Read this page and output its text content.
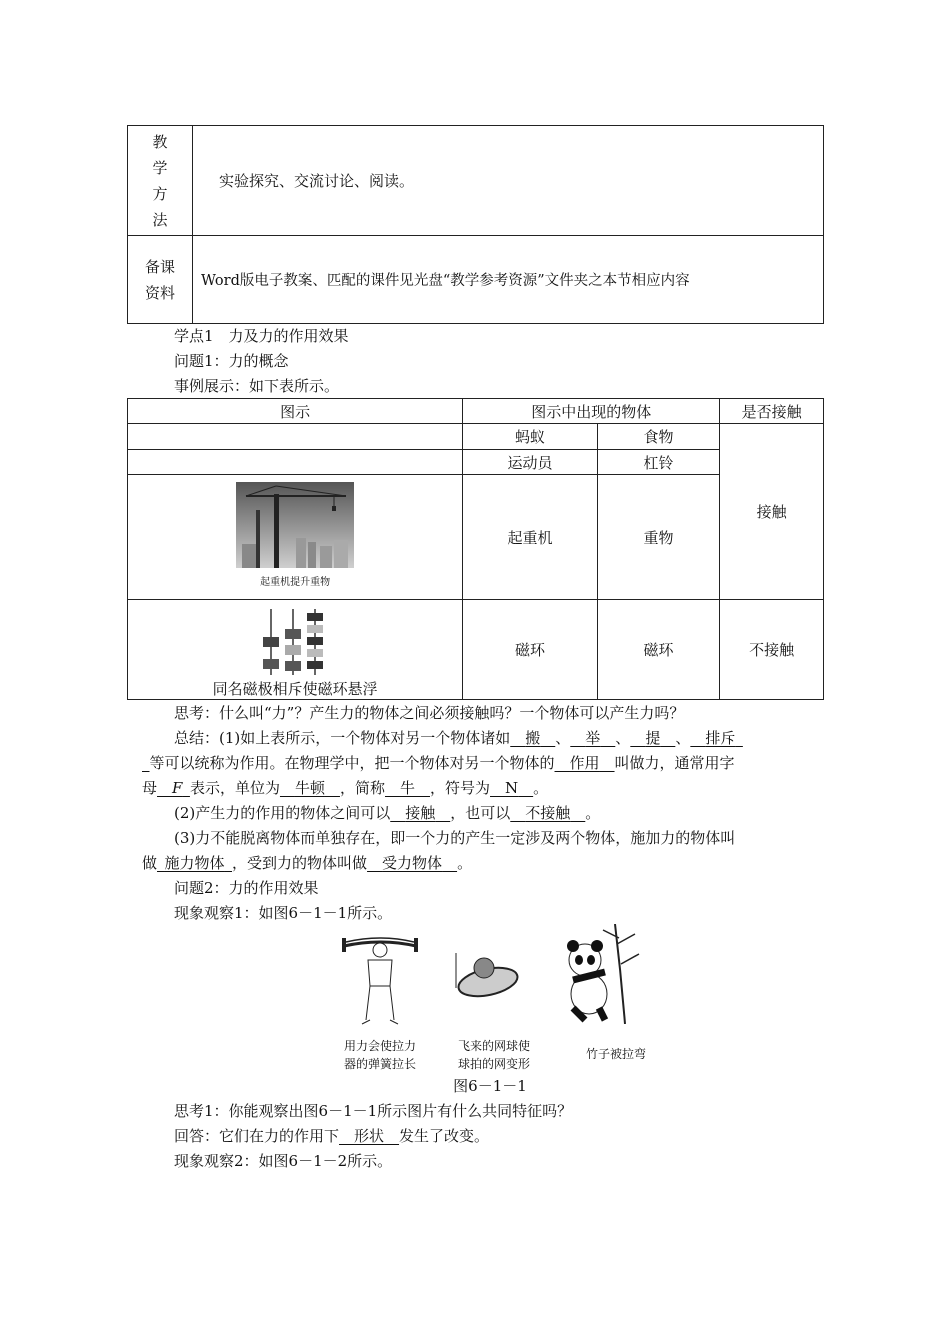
教
学
方
法	实验探究、交流讨论、阅读。

备课
资料	Word版电子教案、匹配的课件见光盘“教学参考资源”文件夹之本节相应内容
学点1　力及力的作用效果
问题1：力的概念
事例展示：如下表所示。
图示	图示中出现的物体		是否接触
	蚂蚁	食物	接触
	运动员	杠铃	

起重机提升重物	起重机	重物	

同名磁极相斥使磁环悬浮	磁环	磁环	不接触
思考：什么叫“力”？产生力的物体之间必须接触吗？一个物体可以产生力吗？
总结：(1)如上表所示，一个物体对另一个物体诸如  搬  、  举  、  提  、  排斥 
 等可以统称为作用。在物理学中，把一个物体对另一个物体的  作用  叫做力，通常用字
母  F  表示，单位为  牛顿  ，简称  牛  ，符号为  N  。
(2)产生力的作用的物体之间可以  接触  ，也可以  不接触  。
(3)力不能脱离物体而单独存在，即一个力的产生一定涉及两个物体，施加力的物体叫
做  施力物体  ，受到力的物体叫做  受力物体  。
问题2：力的作用效果
现象观察1：如图6－1－1所示。
用力会使拉力
器的弹簧拉长
飞来的网球使
球拍的网变形
竹子被拉弯
图6－1－1
思考1：你能观察出图6－1－1所示图片有什么共同特征吗？
回答：它们在力的作用下  形状  发生了改变。
现象观察2：如图6－1－2所示。
